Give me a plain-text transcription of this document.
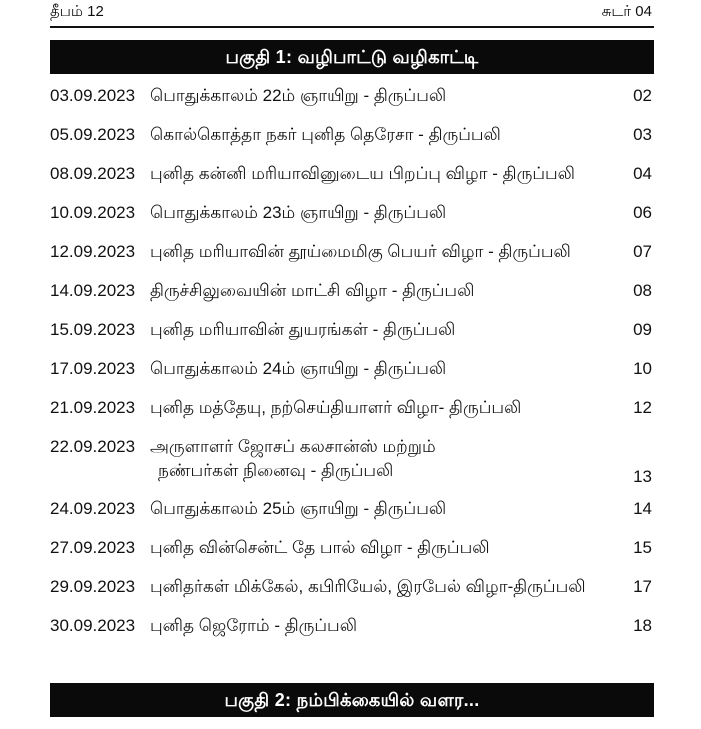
தீபம் 12	சுடர் 04
பகுதி 1: வழிபாட்டு வழிகாட்டி
03.09.2023 பொதுக்காலம் 22ம் ஞாயிறு - திருப்பலி	02
05.09.2023 கொல்கொத்தா நகர் புனித தெரேசா - திருப்பலி	03
08.09.2023 புனித கன்னி மரியாவினுடைய பிறப்பு விழா - திருப்பலி	04
10.09.2023 பொதுக்காலம் 23ம் ஞாயிறு - திருப்பலி	06
12.09.2023 புனித மரியாவின் தூய்மைமிகு பெயர் விழா - திருப்பலி	07
14.09.2023 திருச்சிலுவையின் மாட்சி விழா - திருப்பலி	08
15.09.2023 புனித மரியாவின் துயரங்கள் - திருப்பலி	09
17.09.2023 பொதுக்காலம் 24ம் ஞாயிறு - திருப்பலி	10
21.09.2023 புனித மத்தேயு, நற்செய்தியாளர் விழா- திருப்பலி	12
22.09.2023 அருளாளர் ஜோசப் கலசான்ஸ் மற்றும்
நண்பர்கள் நினைவு - திருப்பலி	13
24.09.2023 பொதுக்காலம் 25ம் ஞாயிறு - திருப்பலி	14
27.09.2023 புனித வின்சென்ட் தே பால் விழா - திருப்பலி	15
29.09.2023 புனிதர்கள் மிக்கேல், கபிரியேல், இரபேல் விழா-திருப்பலி	17
30.09.2023 புனித ஜெரோம் - திருப்பலி	18
பகுதி 2: நம்பிக்கையில் வளர...
